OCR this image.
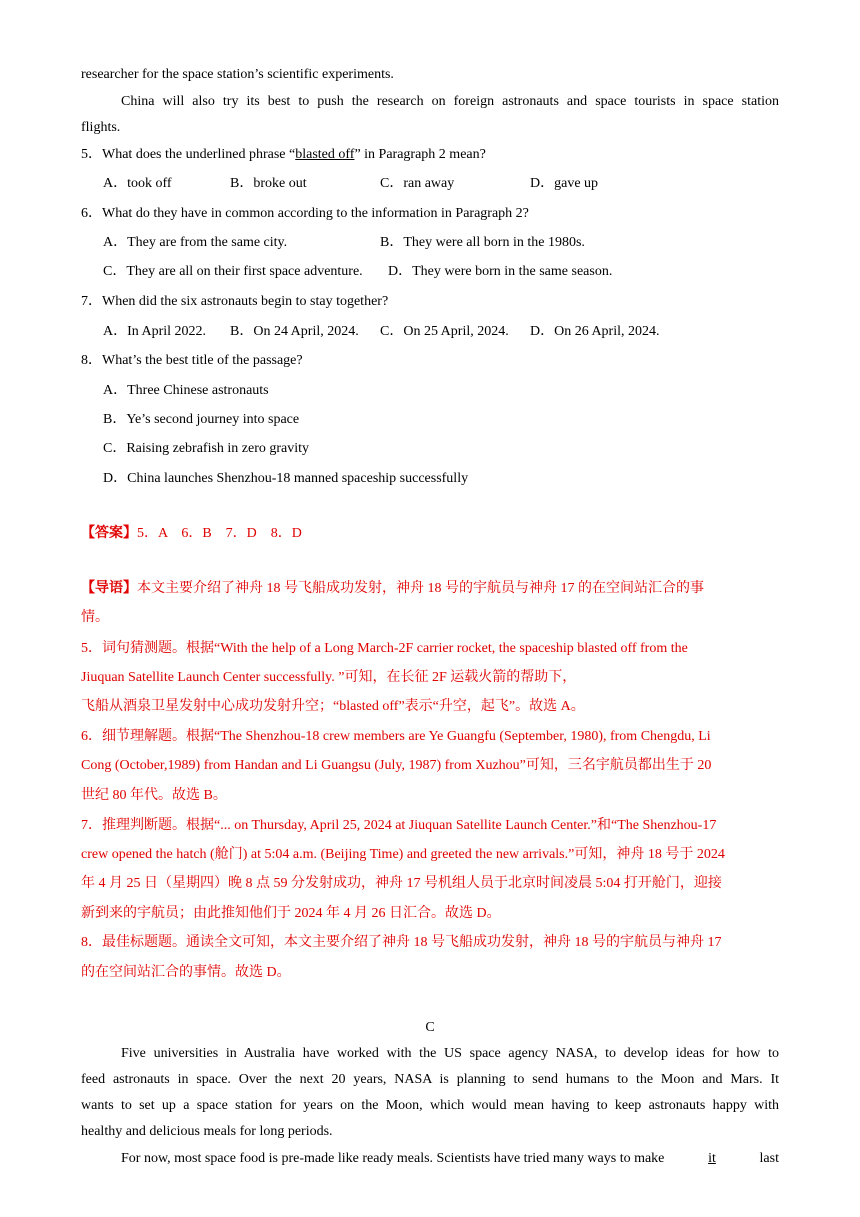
researcher for the space station’s scientific experiments.
China will also try its best to push the research on foreign astronauts and space tourists in space station
flights.
5．What does the underlined phrase “blasted off” in Paragraph 2 mean?
A．took off	B．broke out	C．ran away	D．gave up
6．What do they have in common according to the information in Paragraph 2?
A．They are from the same city.	B．They were all born in the 1980s.
C．They are all on their first space adventure. D．They were born in the same season.
7．When did the six astronauts begin to stay together?
A．In April 2022. B．On 24 April, 2024. C．On 25 April, 2024. D．On 26 April, 2024.
8．What’s the best title of the passage?
A．Three Chinese astronauts
B．Ye’s second journey into space
C．Raising zebrafish in zero gravity
D．China launches Shenzhou-18 manned spaceship successfully
【答案】5．A　6．B　7．D　8．D
【导语】本文主要介绍了神舟 18 号飞船成功发射，神舟 18 号的宇航员与神舟 17 的在空间站汇合的事
情。
5．词句猜测题。根据“With the help of a Long March-2F carrier rocket, the spaceship blasted off from the
Jiuquan Satellite Launch Center successfully. ”可知，在长征 2F 运载火箭的帮助下，
飞船从酒泉卫星发射中心成功发射升空；“blasted off”表示“升空，起飞”。故选 A。
6．细节理解题。根据“The Shenzhou-18 crew members are Ye Guangfu (September, 1980), from Chengdu, Li
Cong (October,1989) from Handan and Li Guangsu (July, 1987) from Xuzhou”可知，三名宇航员都出生于 20
世纪 80 年代。故选 B。
7．推理判断题。根据“... on Thursday, April 25, 2024 at Jiuquan Satellite Launch Center.”和“The Shenzhou-17
crew opened the hatch (舱门) at 5:04 a.m. (Beijing Time) and greeted the new arrivals.”可知，神舟 18 号于 2024
年 4 月 25 日（星期四）晚 8 点 59 分发射成功，神舟 17 号机组人员于北京时间凌晨 5:04 打开舱门，迎接
新到来的宇航员；由此推知他们于 2024 年 4 月 26 日汇合。故选 D。
8．最佳标题题。通读全文可知，本文主要介绍了神舟 18 号飞船成功发射，神舟 18 号的宇航员与神舟 17
的在空间站汇合的事情。故选 D。
C
Five universities in Australia have worked with the US space agency NASA, to develop ideas for how to
feed astronauts in space. Over the next 20 years, NASA is planning to send humans to the Moon and Mars. It
wants to set up a space station for years on the Moon, which would mean having to keep astronauts happy with
healthy and delicious meals for long periods.
For now, most space food is pre-made like ready meals. Scientists have tried many ways to make	it	last
